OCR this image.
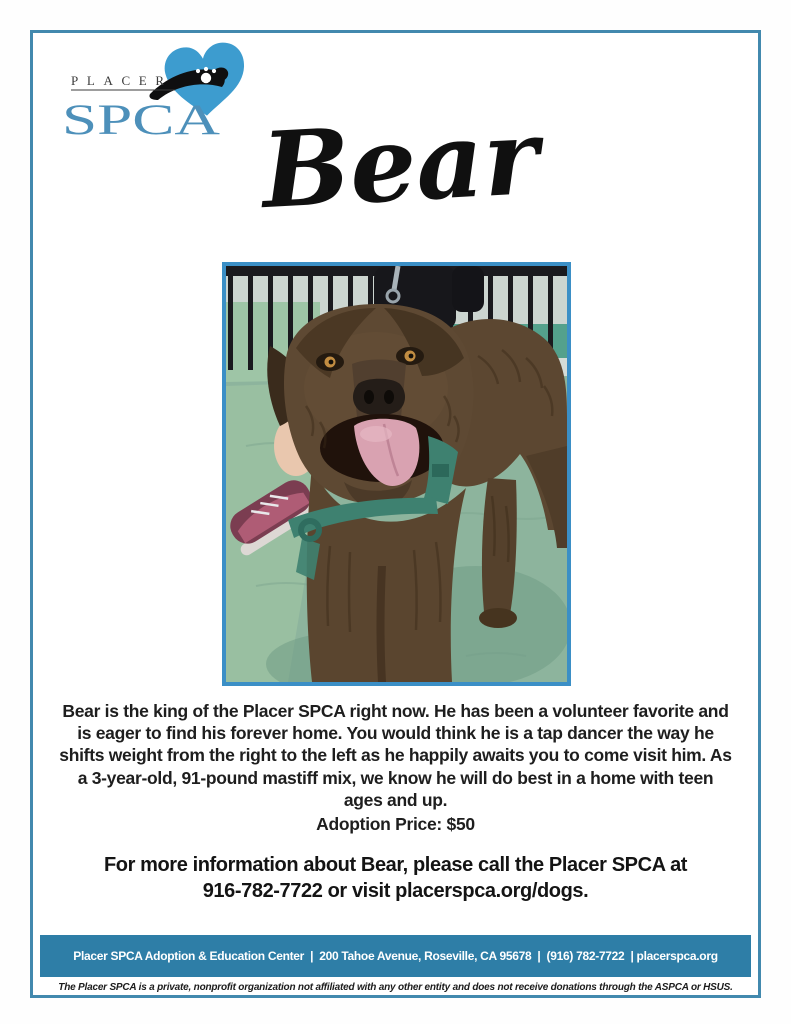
PLACER
SPCA Bear
Bear is the king of the Placer SPCA right now. He has been a volunteer favorite and is eager to find his forever home. You would think he is a tap dancer the way he shifts weight from the right to the left as he happily awaits you to come visit him. As a 3-year-old, 91-pound mastiff mix, we know he will do best in a home with teen ages and up.
Adoption Price: $50
For more information about Bear, please call the Placer SPCA at
916-782-7722 or visit placerspca.org/dogs.
Placer SPCA Adoption & Education Center  |  200 Tahoe Avenue, Roseville, CA 95678  |  (916) 782-7722  | placerspca.org
The Placer SPCA is a private, nonprofit organization not affiliated with any other entity and does not receive donations through the ASPCA or HSUS.
